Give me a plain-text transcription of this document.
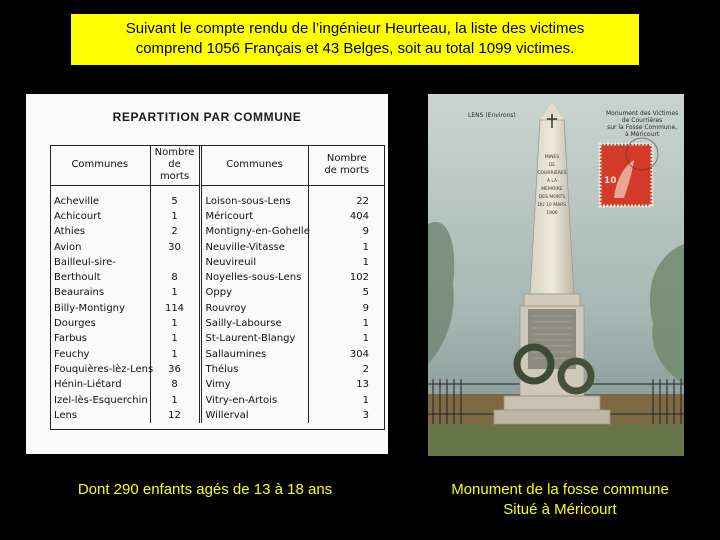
Suivant le compte rendu de l’ingénieur Heurteau, la liste des victimes
comprend 1056 Français et 43 Belges, soit au total 1099 victimes.
REPARTITION PAR COMMUNE
Communes	Nombre
de morts	Communes	Nombre
de morts
Acheville	5	Loison-sous-Lens	22
Achicourt	1	Méricourt	404
Athies	2	Montigny-en-Gohelle	9
Avion	30	Neuville-Vitasse	1
Bailleul-sire-		Neuvireuil	1
Berthoult	8	Noyelles-sous-Lens	102
Beaurains	1	Oppy	5
Billy-Montigny	114	Rouvroy	9
Dourges	1	Sailly-Labourse	1
Farbus	1	St-Laurent-Blangy	1
Feuchy	1	Sallaumines	304
Fouquières-lèz-Lens	36	Thélus	2
Hénin-Liétard	8	Vimy	13
Izel-lès-Esquerchin	1	Vitry-en-Artois	1
Lens	12	Willerval	3
LENS (Environs)	Monument des Victimes
de Courrières
sur la Fosse Commune,
à Méricourt
10
MINES
DE
COURRIÈRES
À LA MÉMOIRE
DES MORTS
DU 10 MARS 1906
Dont 290 enfants agés de 13 à 18 ans	Monument de la fosse commune
Situé à Méricourt
